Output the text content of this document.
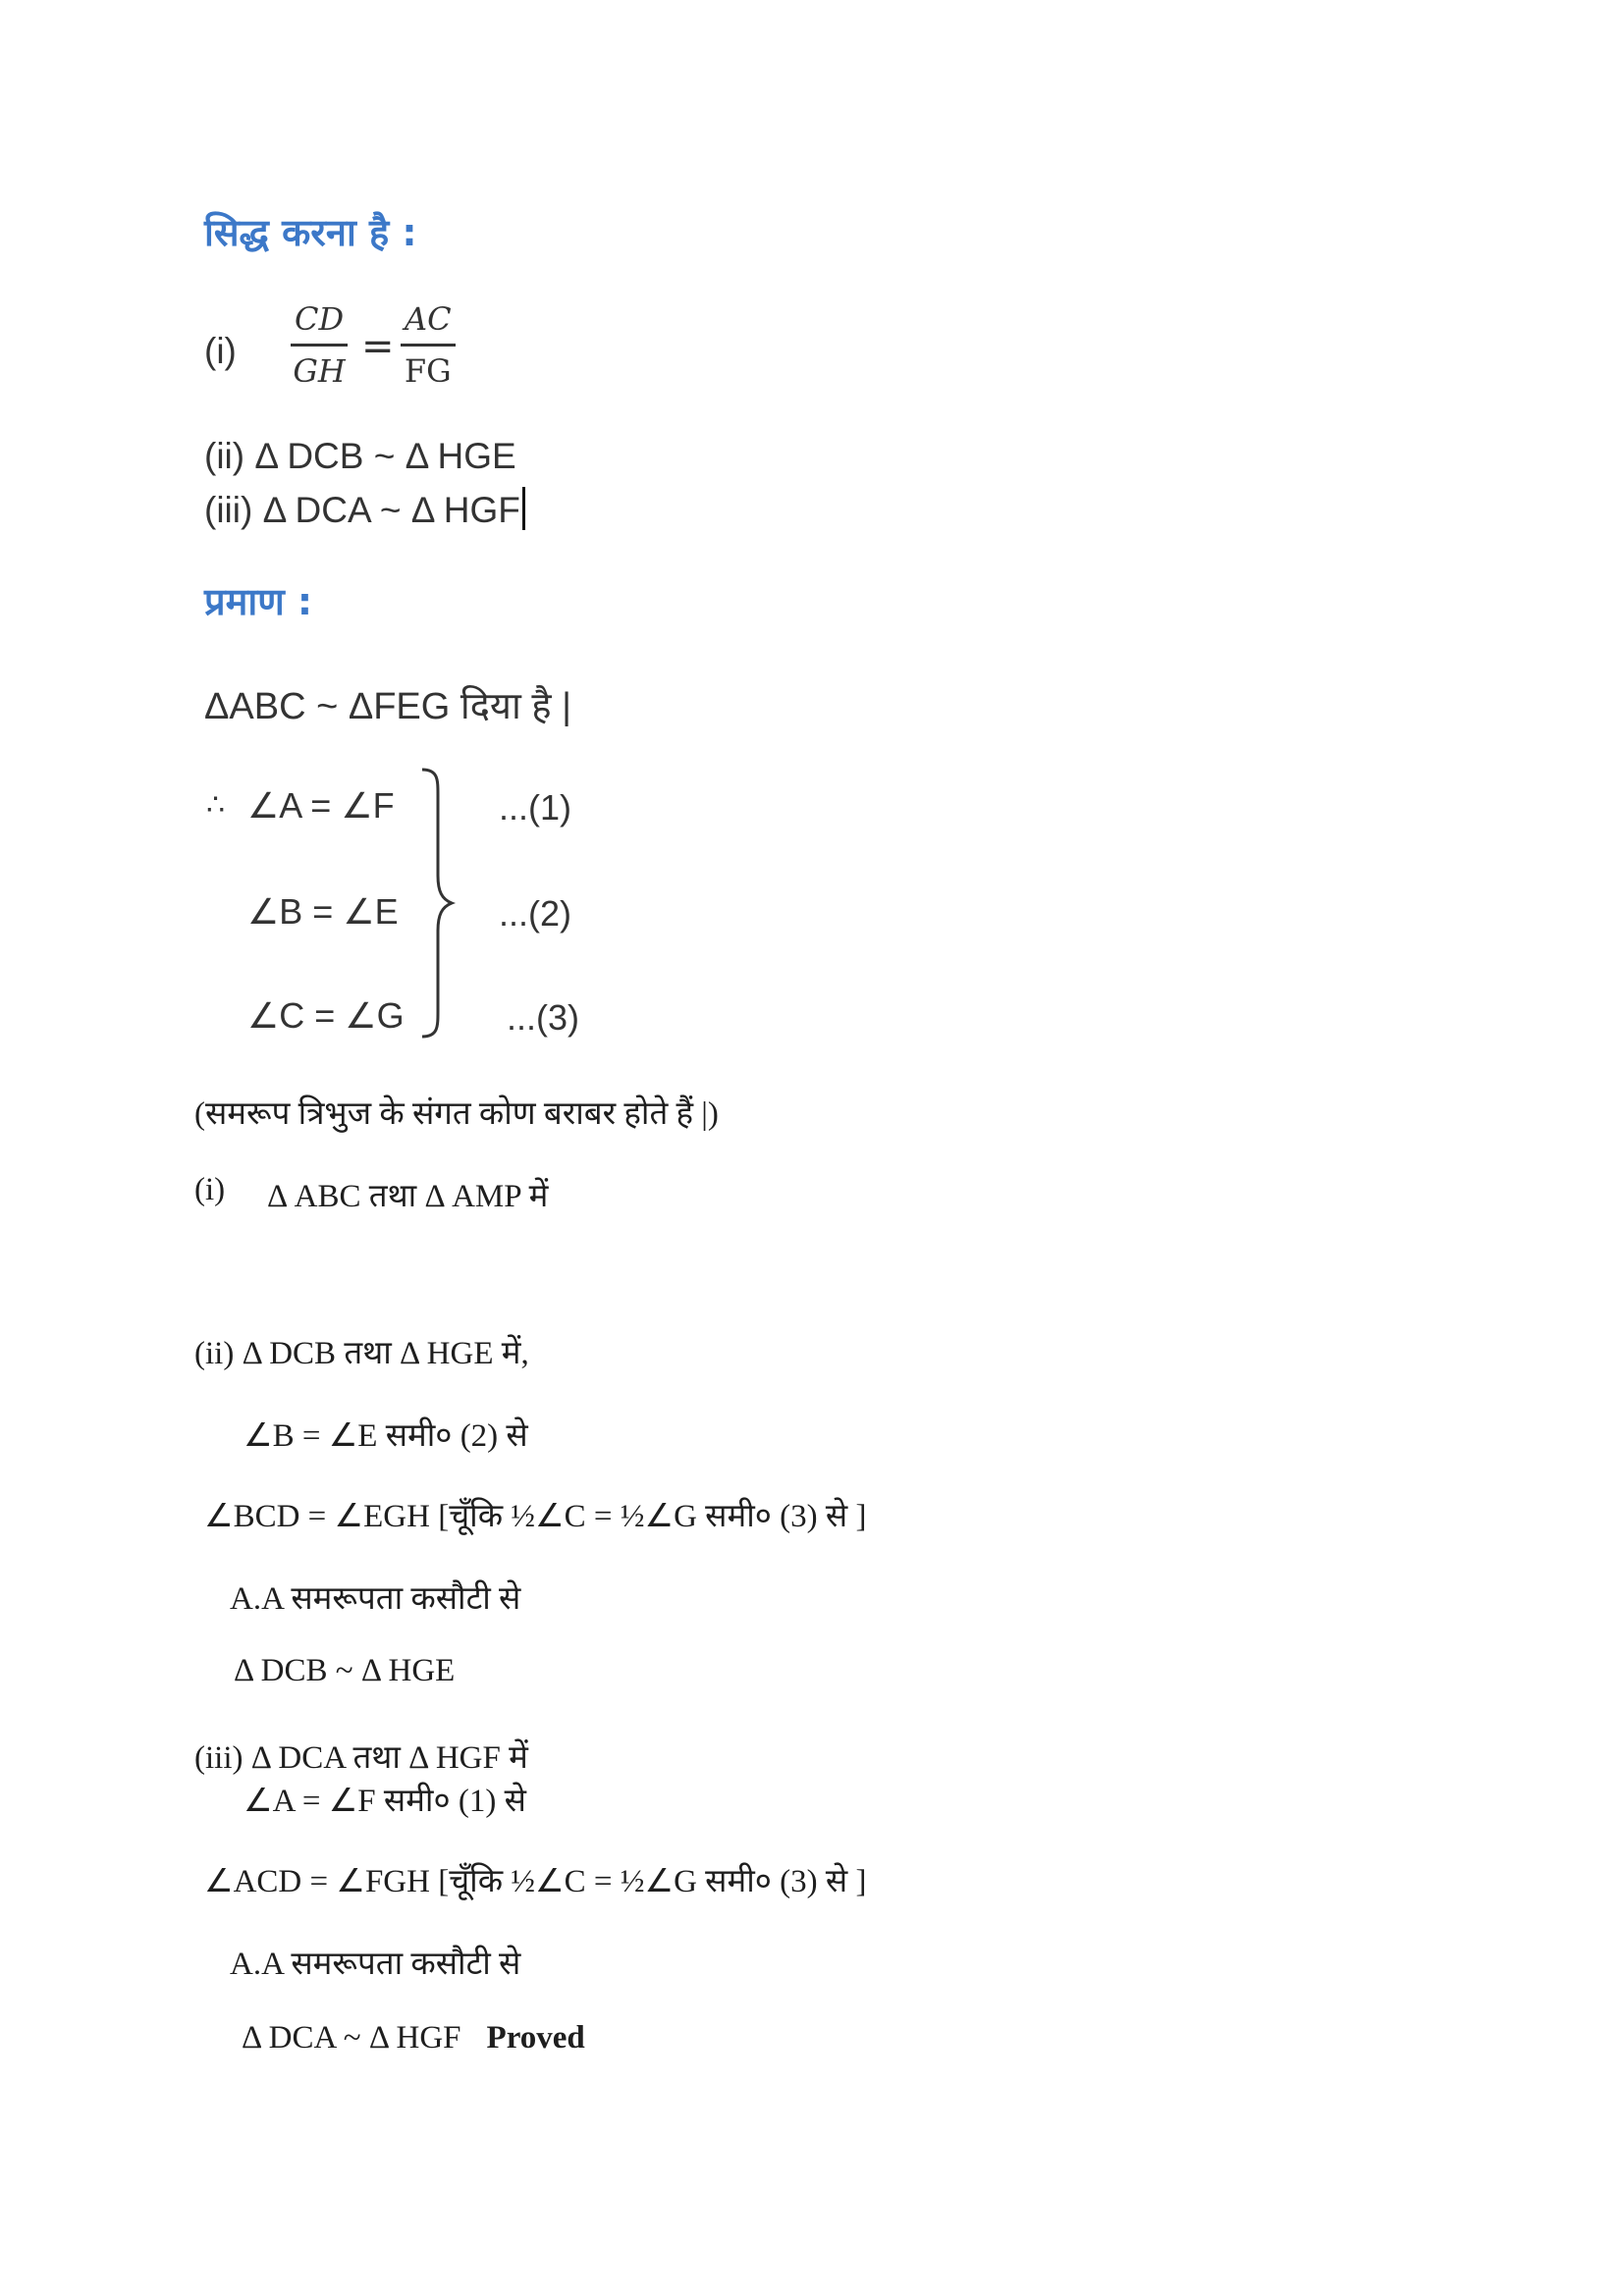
सिद्ध करना है :
(i)
CD
GH
=
AC
FG
(ii) Δ DCB ~ Δ HGE
(iii) Δ DCA ~ Δ HGF
प्रमाण :
ΔABC ~ ΔFEG दिया है |
∴ ∠A = ∠F
∠B = ∠E
∠C = ∠G
...(1)
...(2)
...(3)
(समरूप त्रिभुज के संगत कोण बराबर होते हैं |)
(i) Δ ABC तथा Δ AMP में
(ii) Δ DCB तथा Δ HGE में,
∠B = ∠E समी० (2) से
∠BCD = ∠EGH [चूँकि ½∠C = ½∠G समी० (3) से ]
A.A समरूपता कसौटी से
Δ DCB ~ Δ HGE
(iii) Δ DCA तथा Δ HGF में
∠A = ∠F समी० (1) से
∠ACD = ∠FGH [चूँकि ½∠C = ½∠G समी० (3) से ]
A.A समरूपता कसौटी से
Δ DCA ~ Δ HGF Proved
